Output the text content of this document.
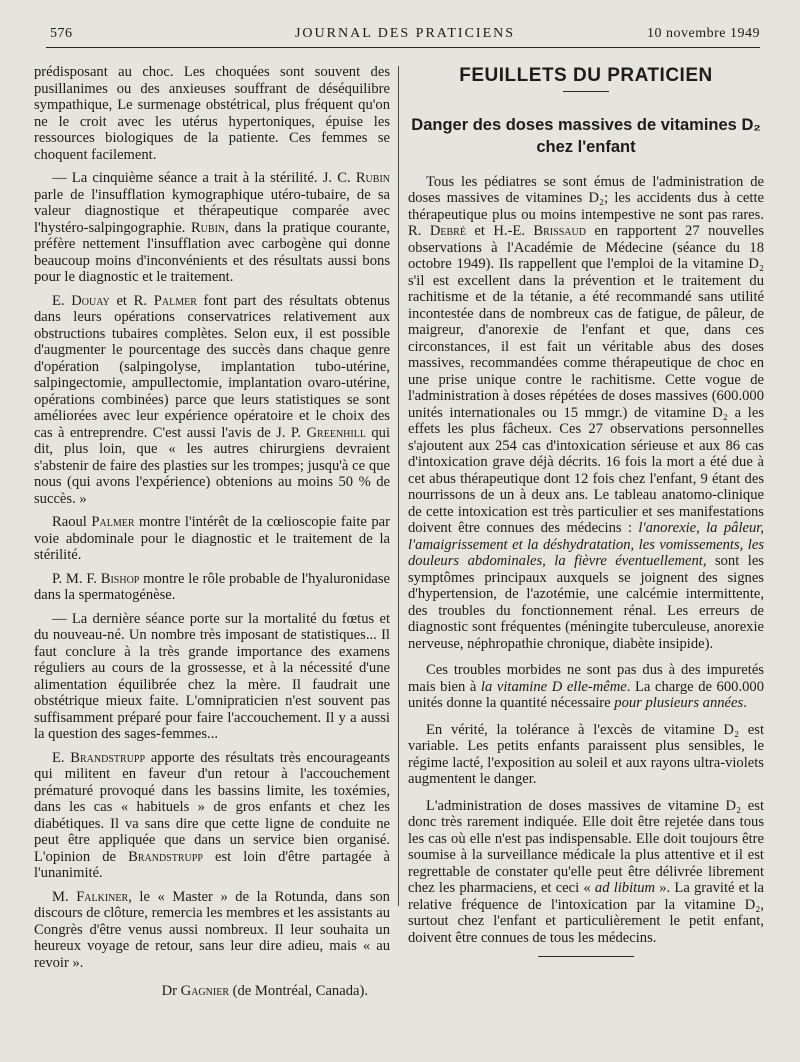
576	JOURNAL DES PRATICIENS	10 novembre 1949

prédisposant au choc. Les choquées sont souvent des pusillanimes ou des anxieuses souffrant de déséquilibre sympathique, Le surmenage obstétrical, plus fréquent qu'on ne le croit avec les utérus hypertoniques, épuise les ressources biologiques de la patiente. Ces femmes se choquent facilement.

— La cinquième séance a trait à la stérilité. J. C. Rubin parle de l'insufflation kymographique utéro-tubaire, de sa valeur diagnostique et thérapeutique comparée avec l'hystéro-salpingographie. Rubin, dans la pratique courante, préfère nettement l'insufflation avec carbogène qui donne beaucoup moins d'inconvénients et des résultats aussi bons pour le diagnostic et le traitement.

E. Douay et R. Palmer font part des résultats obtenus dans leurs opérations conservatrices relativement aux obstructions tubaires complètes. Selon eux, il est possible d'augmenter le pourcentage des succès dans chaque genre d'opération (salpingolyse, implantation tubo-utérine, salpingectomie, ampullectomie, implantation ovaro-utérine, opérations combinées) parce que leurs statistiques se sont améliorées avec leur expérience opératoire et le choix des cas à entreprendre. C'est aussi l'avis de J. P. Greenhill qui dit, plus loin, que « les autres chirurgiens devraient s'abstenir de faire des plasties sur les trompes; jusqu'à ce que nous (qui avons l'expérience) obtenions au moins 50 % de succès. »

Raoul Palmer montre l'intérêt de la cœlioscopie faite par voie abdominale pour le diagnostic et le traitement de la stérilité.

P. M. F. Bishop montre le rôle probable de l'hyaluronidase dans la spermatogénèse.

— La dernière séance porte sur la mortalité du fœtus et du nouveau-né. Un nombre très imposant de statistiques... Il faut conclure à la très grande importance des examens réguliers au cours de la grossesse, et à la nécessité d'une alimentation équilibrée chez la mère. Il faudrait une obstétrique mieux faite. L'omnipraticien n'est souvent pas suffisamment préparé pour faire l'accouchement. Il y a aussi la question des sages-femmes...

E. Brandstrupp apporte des résultats très encourageants qui militent en faveur d'un retour à l'accouchement prématuré provoqué dans les bassins limite, les toxémies, dans les cas « habituels » de gros enfants et chez les diabétiques. Il va sans dire que cette ligne de conduite ne peut être appliquée que dans un service bien organisé. L'opinion de Brandstrupp est loin d'être partagée à l'unanimité.

M. Falkiner, le « Master » de la Rotunda, dans son discours de clôture, remercia les membres et les assistants au Congrès d'être venus aussi nombreux. Il leur souhaita un heureux voyage de retour, sans leur dire adieu, mais « au revoir ».

Dr Gagnier (de Montréal, Canada).
FEUILLETS DU PRATICIEN
Danger des doses massives de vitamines D₂
chez l'enfant

Tous les pédiatres se sont émus de l'administration de doses massives de vitamines D₂; les accidents dus à cette thérapeutique plus ou moins intempestive ne sont pas rares. R. Debré et H.-E. Brissaud en rapportent 27 nouvelles observations à l'Académie de Médecine (séance du 18 octobre 1949). Ils rappellent que l'emploi de la vitamine D₂ s'il est excellent dans la prévention et le traitement du rachitisme et de la tétanie, a été recommandé sans utilité incontestée dans de nombreux cas de fatigue, de pâleur, de maigreur, d'anorexie de l'enfant et que, dans ces circonstances, il est fait un véritable abus des doses massives, recommandées comme thérapeutique de choc en une prise unique contre le rachitisme. Cette vogue de l'administration à doses répétées de doses massives (600.000 unités internationales ou 15 mmgr.) de vitamine D₂ a les effets les plus fâcheux. Ces 27 observations personnelles s'ajoutent aux 254 cas d'intoxication sérieuse et aux 86 cas d'intoxication grave déjà décrits. 16 fois la mort a été due à cet abus thérapeutique dont 12 fois chez l'enfant, 9 étant des nourrissons de un à deux ans. Le tableau anatomo-clinique de cette intoxication est très particulier et ses manifestations doivent être connues des médecins : l'anorexie, la pâleur, l'amaigrissement et la déshydratation, les vomissements, les douleurs abdominales, la fièvre éventuellement, sont les symptômes principaux auxquels se joignent des signes d'hypertension, de l'azotémie, une calcémie intermittente, des troubles du fonctionnement rénal. Les erreurs de diagnostic sont fréquentes (méningite tuberculeuse, anorexie nerveuse, néphropathie chronique, diabète insipide).

Ces troubles morbides ne sont pas dus à des impuretés mais bien à la vitamine D elle-même. La charge de 600.000 unités donne la quantité nécessaire pour plusieurs années.

En vérité, la tolérance à l'excès de vitamine D₂ est variable. Les petits enfants paraissent plus sensibles, le régime lacté, l'exposition au soleil et aux rayons ultra-violets augmentent le danger.

L'administration de doses massives de vitamine D₂ est donc très rarement indiquée. Elle doit être rejetée dans tous les cas où elle n'est pas indispensable. Elle doit toujours être soumise à la surveillance médicale la plus attentive et il est regrettable de constater qu'elle peut être délivrée librement chez les pharmaciens, et ceci « ad libitum ». La gravité et la relative fréquence de l'intoxication par la vitamine D₂, surtout chez l'enfant et particulièrement le petit enfant, doivent être connues de tous les médecins.
